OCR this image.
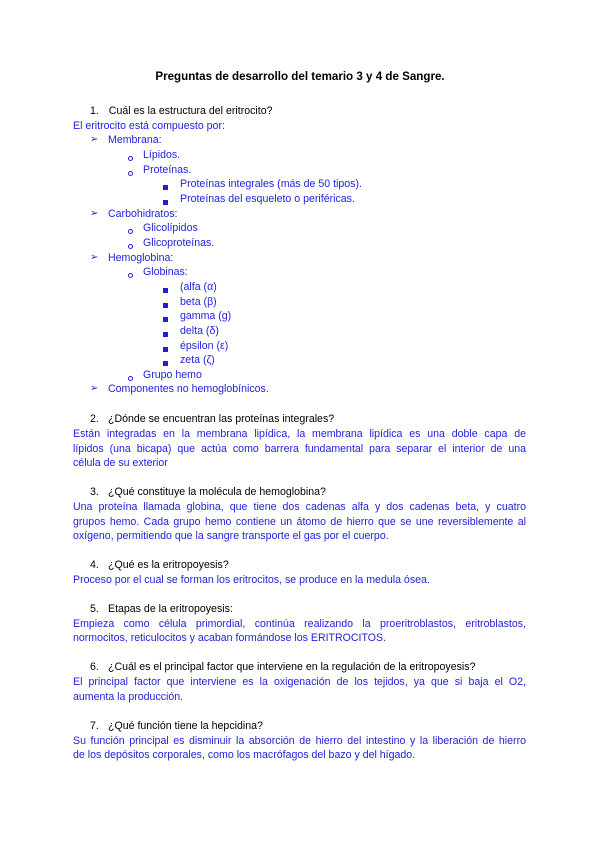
Preguntas de desarrollo del temario 3 y 4 de Sangre.
1. Cuál es la estructura del eritrocito?
El eritrocito está compuesto por:
➢ Membrana:
Lípidos.
Proteínas.
Proteínas integrales (más de 50 tipos).
Proteínas del esqueleto o periféricas.
➢ Carbohidratos:
Glicolípidos
Glicoproteínas.
➢ Hemoglobina:
Globinas:
(alfa (α)
beta (β)
gamma (g)
delta (δ)
épsilon (ε)
zeta (ζ)
Grupo hemo
➢ Componentes no hemoglobínicos.
2. ¿Dónde se encuentran las proteínas integrales?
Están integradas en la membrana lipídica, la membrana lipídica es una doble capa de
lípidos (una bicapa) que actúa como barrera fundamental para separar el interior de una
célula de su exterior
3. ¿Qué constituye la molécula de hemoglobina?
Una proteína llamada globina, que tiene dos cadenas alfa y dos cadenas beta, y cuatro
grupos hemo. Cada grupo hemo contiene un átomo de hierro que se une reversiblemente al
oxígeno, permitiendo que la sangre transporte el gas por el cuerpo.
4. ¿Qué es la eritropoyesis?
Proceso por el cual se forman los eritrocitos, se produce en la medula ósea.
5. Etapas de la eritropoyesis:
Empieza como célula primordial, continúa realizando la proeritroblastos, eritroblastos,
normocitos, reticulocitos y acaban formándose los ERITROCITOS.
6. ¿Cuál es el principal factor que interviene en la regulación de la eritropoyesis?
El principal factor que interviene es la oxigenación de los tejidos, ya que si baja el O2,
aumenta la producción.
7. ¿Qué función tiene la hepcidina?
Su función principal es disminuir la absorción de hierro del intestino y la liberación de hierro
de los depósitos corporales, como los macrófagos del bazo y del hígado.
